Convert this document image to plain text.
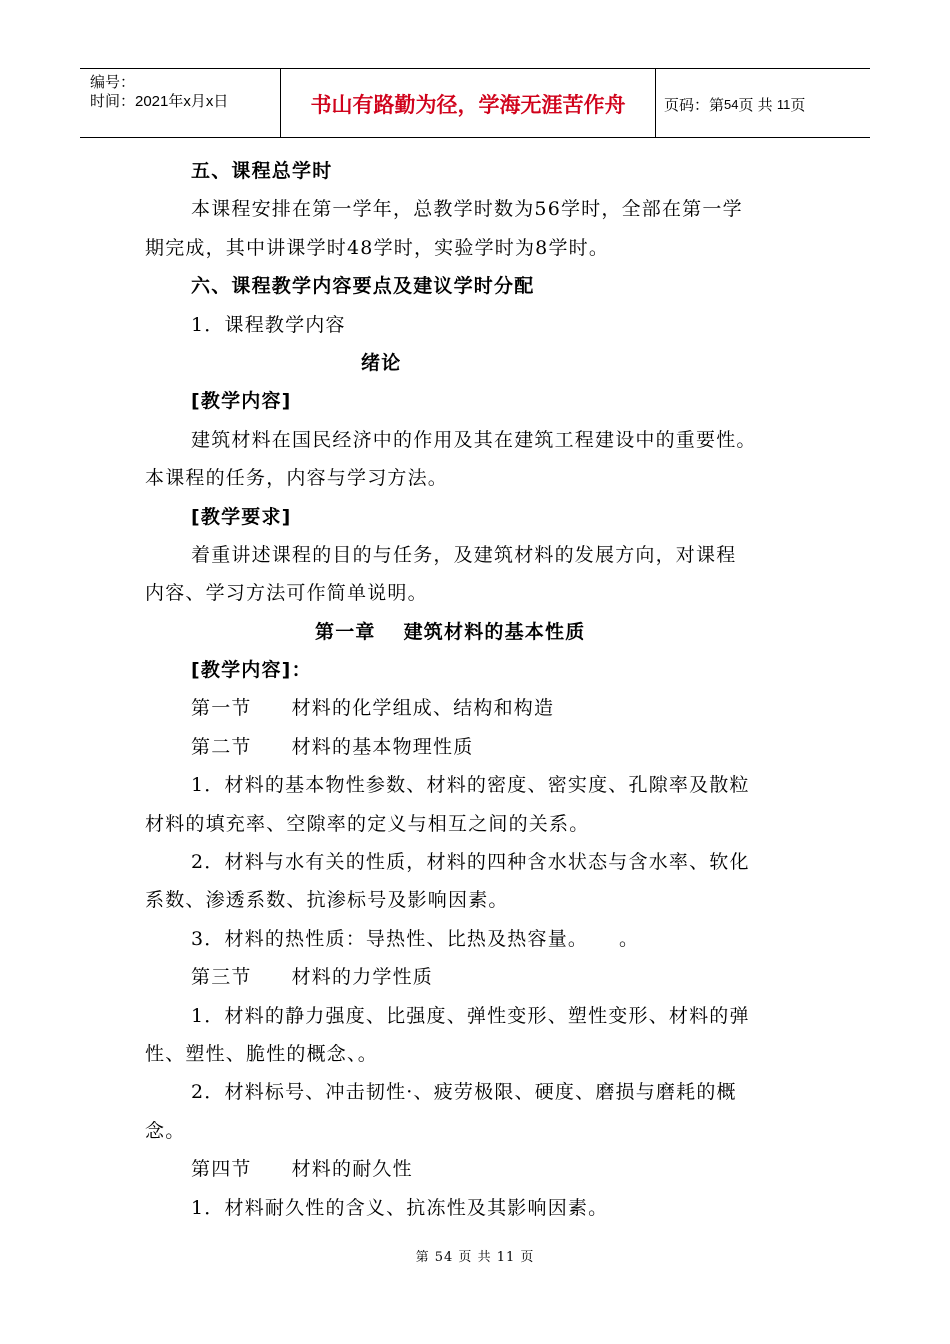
编号：
时间：2021年x月x日	书山有路勤为径，学海无涯苦作舟	页码：第 54 页 共
11 页

五、课程总学时

本课程安排在第一学年，总教学时数为56学时，全部在第一学

期完成，其中讲课学时48学时，实验学时为8学时。

六、课程教学内容要点及建议学时分配

1．课程教学内容

绪论

[教学内容]

建筑材料在国民经济中的作用及其在建筑工程建设中的重要性。

本课程的任务，内容与学习方法。

[教学要求]

着重讲述课程的目的与任务，及建筑材料的发展方向，对课程

内容、学习方法可作简单说明。

第一章 建筑材料的基本性质

[教学内容]：

第一节 材料的化学组成、结构和构造

第二节 材料的基本物理性质

1．材料的基本物性参数、材料的密度、密实度、孔隙率及散粒

材料的填充率、空隙率的定义与相互之间的关系。

2．材料与水有关的性质，材料的四种含水状态与含水率、软化

系数、渗透系数、抗渗标号及影响因素。

3．材料的热性质：导热性、比热及热容量。　　。

第三节 材料的力学性质

1．材料的静力强度、比强度、弹性变形、塑性变形、材料的弹

性、塑性、脆性的概念、。

2．材料标号、冲击韧性·、疲劳极限、硬度、磨损与磨耗的概

念。

第四节 材料的耐久性

1．材料耐久性的含义、抗冻性及其影响因素。

第 54 页 共 11 页
